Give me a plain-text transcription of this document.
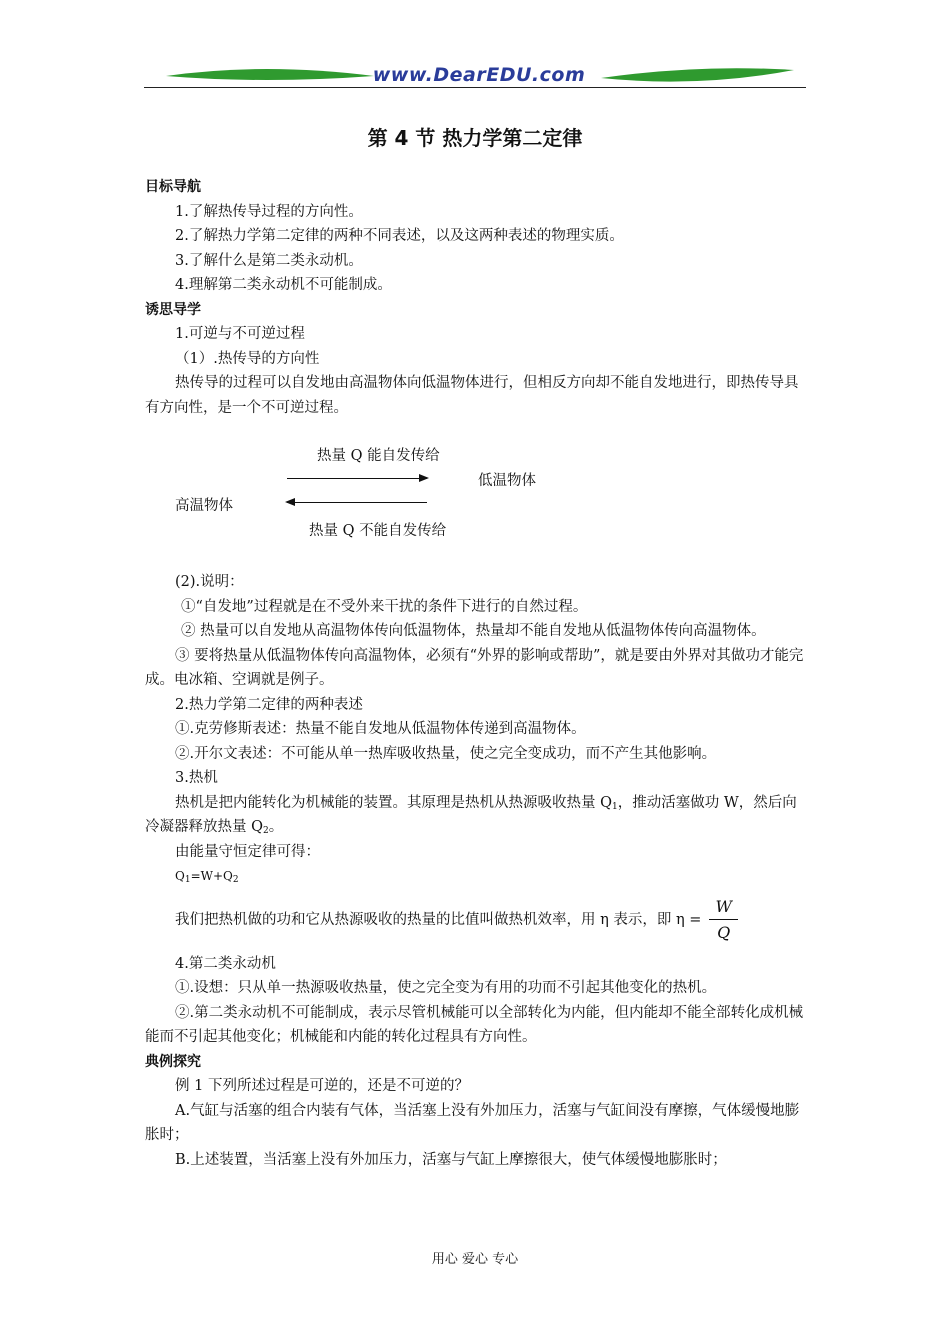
www.DearEDU.com
第 4 节 热力学第二定律

目标导航

1.了解热传导过程的方向性。

2.了解热力学第二定律的两种不同表述，以及这两种表述的物理实质。

3.了解什么是第二类永动机。

4.理解第二类永动机不可能制成。

诱思导学

1.可逆与不可逆过程

（1）.热传导的方向性

热传导的过程可以自发地由高温物体向低温物体进行，但相反方向却不能自发地进行，即热传导具有方向性，是一个不可逆过程。

热量 Q 能自发传给
低温物体
高温物体
热量 Q 不能自发传给

(2).说明：

①“自发地”过程就是在不受外来干扰的条件下进行的自然过程。

② 热量可以自发地从高温物体传向低温物体，热量却不能自发地从低温物体传向高温物体。

③ 要将热量从低温物体传向高温物体，必须有“外界的影响或帮助”，就是要由外界对其做功才能完成。电冰箱、空调就是例子。

2.热力学第二定律的两种表述

①.克劳修斯表述：热量不能自发地从低温物体传递到高温物体。

②.开尔文表述：不可能从单一热库吸收热量，使之完全变成功，而不产生其他影响。

3.热机

热机是把内能转化为机械能的装置。其原理是热机从热源吸收热量 $Q_1$，推动活塞做功 W，然后向冷凝器释放热量 $Q_2$。

由能量守恒定律可得：

$Q_1=W+Q_2$

我们把热机做的功和它从热源吸收的热量的比值叫做热机效率，用 η 表示，即 $\eta = \frac{W}{Q}$

4.第二类永动机

①.设想：只从单一热源吸收热量，使之完全变为有用的功而不引起其他变化的热机。

②.第二类永动机不可能制成，表示尽管机械能可以全部转化为内能，但内能却不能全部转化成机械能而不引起其他变化；机械能和内能的转化过程具有方向性。

典例探究

例 1 下列所述过程是可逆的，还是不可逆的？

A.气缸与活塞的组合内装有气体，当活塞上没有外加压力，活塞与气缸间没有摩擦，气体缓慢地膨胀时；

B.上述装置，当活塞上没有外加压力，活塞与气缸上摩擦很大，使气体缓慢地膨胀时；

用心 爱心 专心
